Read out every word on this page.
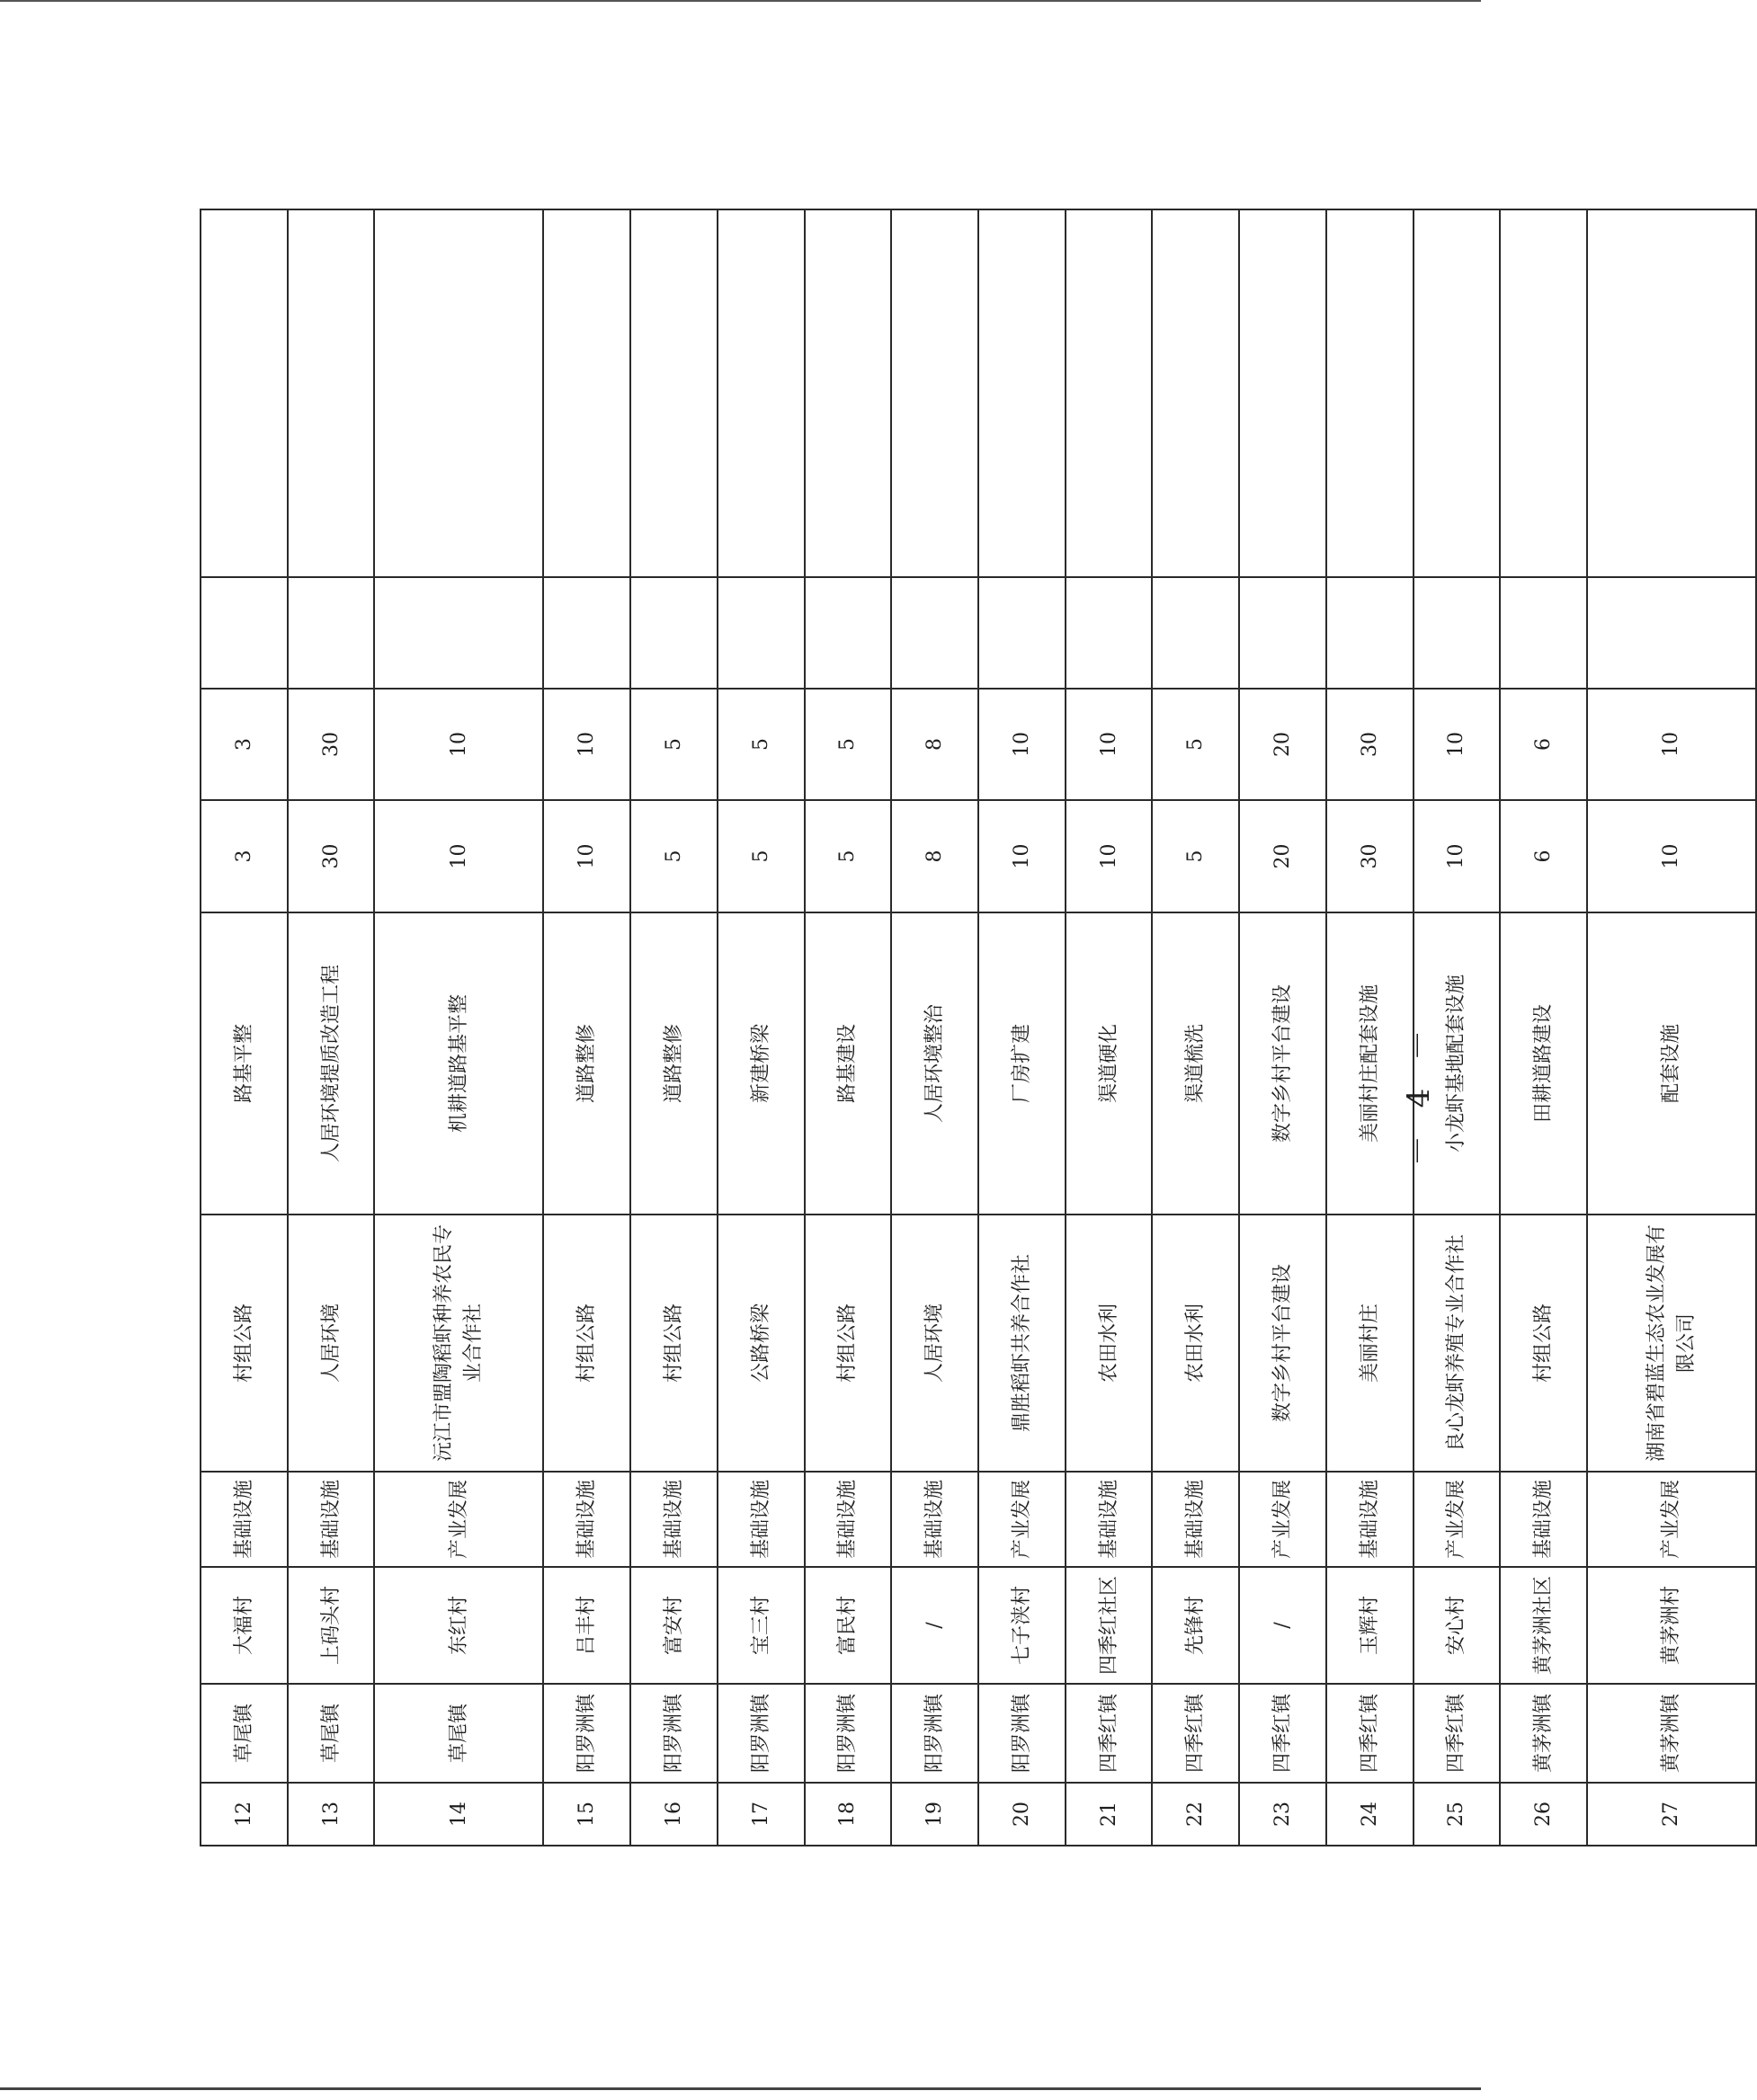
12	草尾镇	大福村	基础设施	村组公路	路基平整	3	3		
13	草尾镇	上码头村	基础设施	人居环境	人居环境提质改造工程	30	30		
14	草尾镇	东红村	产业发展	沅江市盟陶稻虾种养农民专业合作社	机耕道路基平整	10	10		
15	阳罗洲镇	吕丰村	基础设施	村组公路	道路整修	10	10		
16	阳罗洲镇	富安村	基础设施	村组公路	道路整修	5	5		
17	阳罗洲镇	宝三村	基础设施	公路桥梁	新建桥梁	5	5		
18	阳罗洲镇	富民村	基础设施	村组公路	路基建设	5	5		
19	阳罗洲镇	/	基础设施	人居环境	人居环境整治	8	8		
20	阳罗洲镇	七子浃村	产业发展	鼎胜稻虾共养合作社	厂房扩建	10	10		
21	四季红镇	四季红社区	基础设施	农田水利	渠道硬化	10	10		
22	四季红镇	先锋村	基础设施	农田水利	渠道梳洗	5	5		
23	四季红镇	/	产业发展	数字乡村平台建设	数字乡村平台建设	20	20		
24	四季红镇	玉辉村	基础设施	美丽村庄	美丽村庄配套设施	30	30		
25	四季红镇	安心村	产业发展	良心龙虾养殖专业合作社	小龙虾基地配套设施	10	10		
26	黄茅洲镇	黄茅洲社区	基础设施	村组公路	田耕道路建设	6	6		
27	黄茅洲镇	黄茅洲村	产业发展	湖南省碧蓝生态农业发展有限公司	配套设施	10	10		
－ 4 －
